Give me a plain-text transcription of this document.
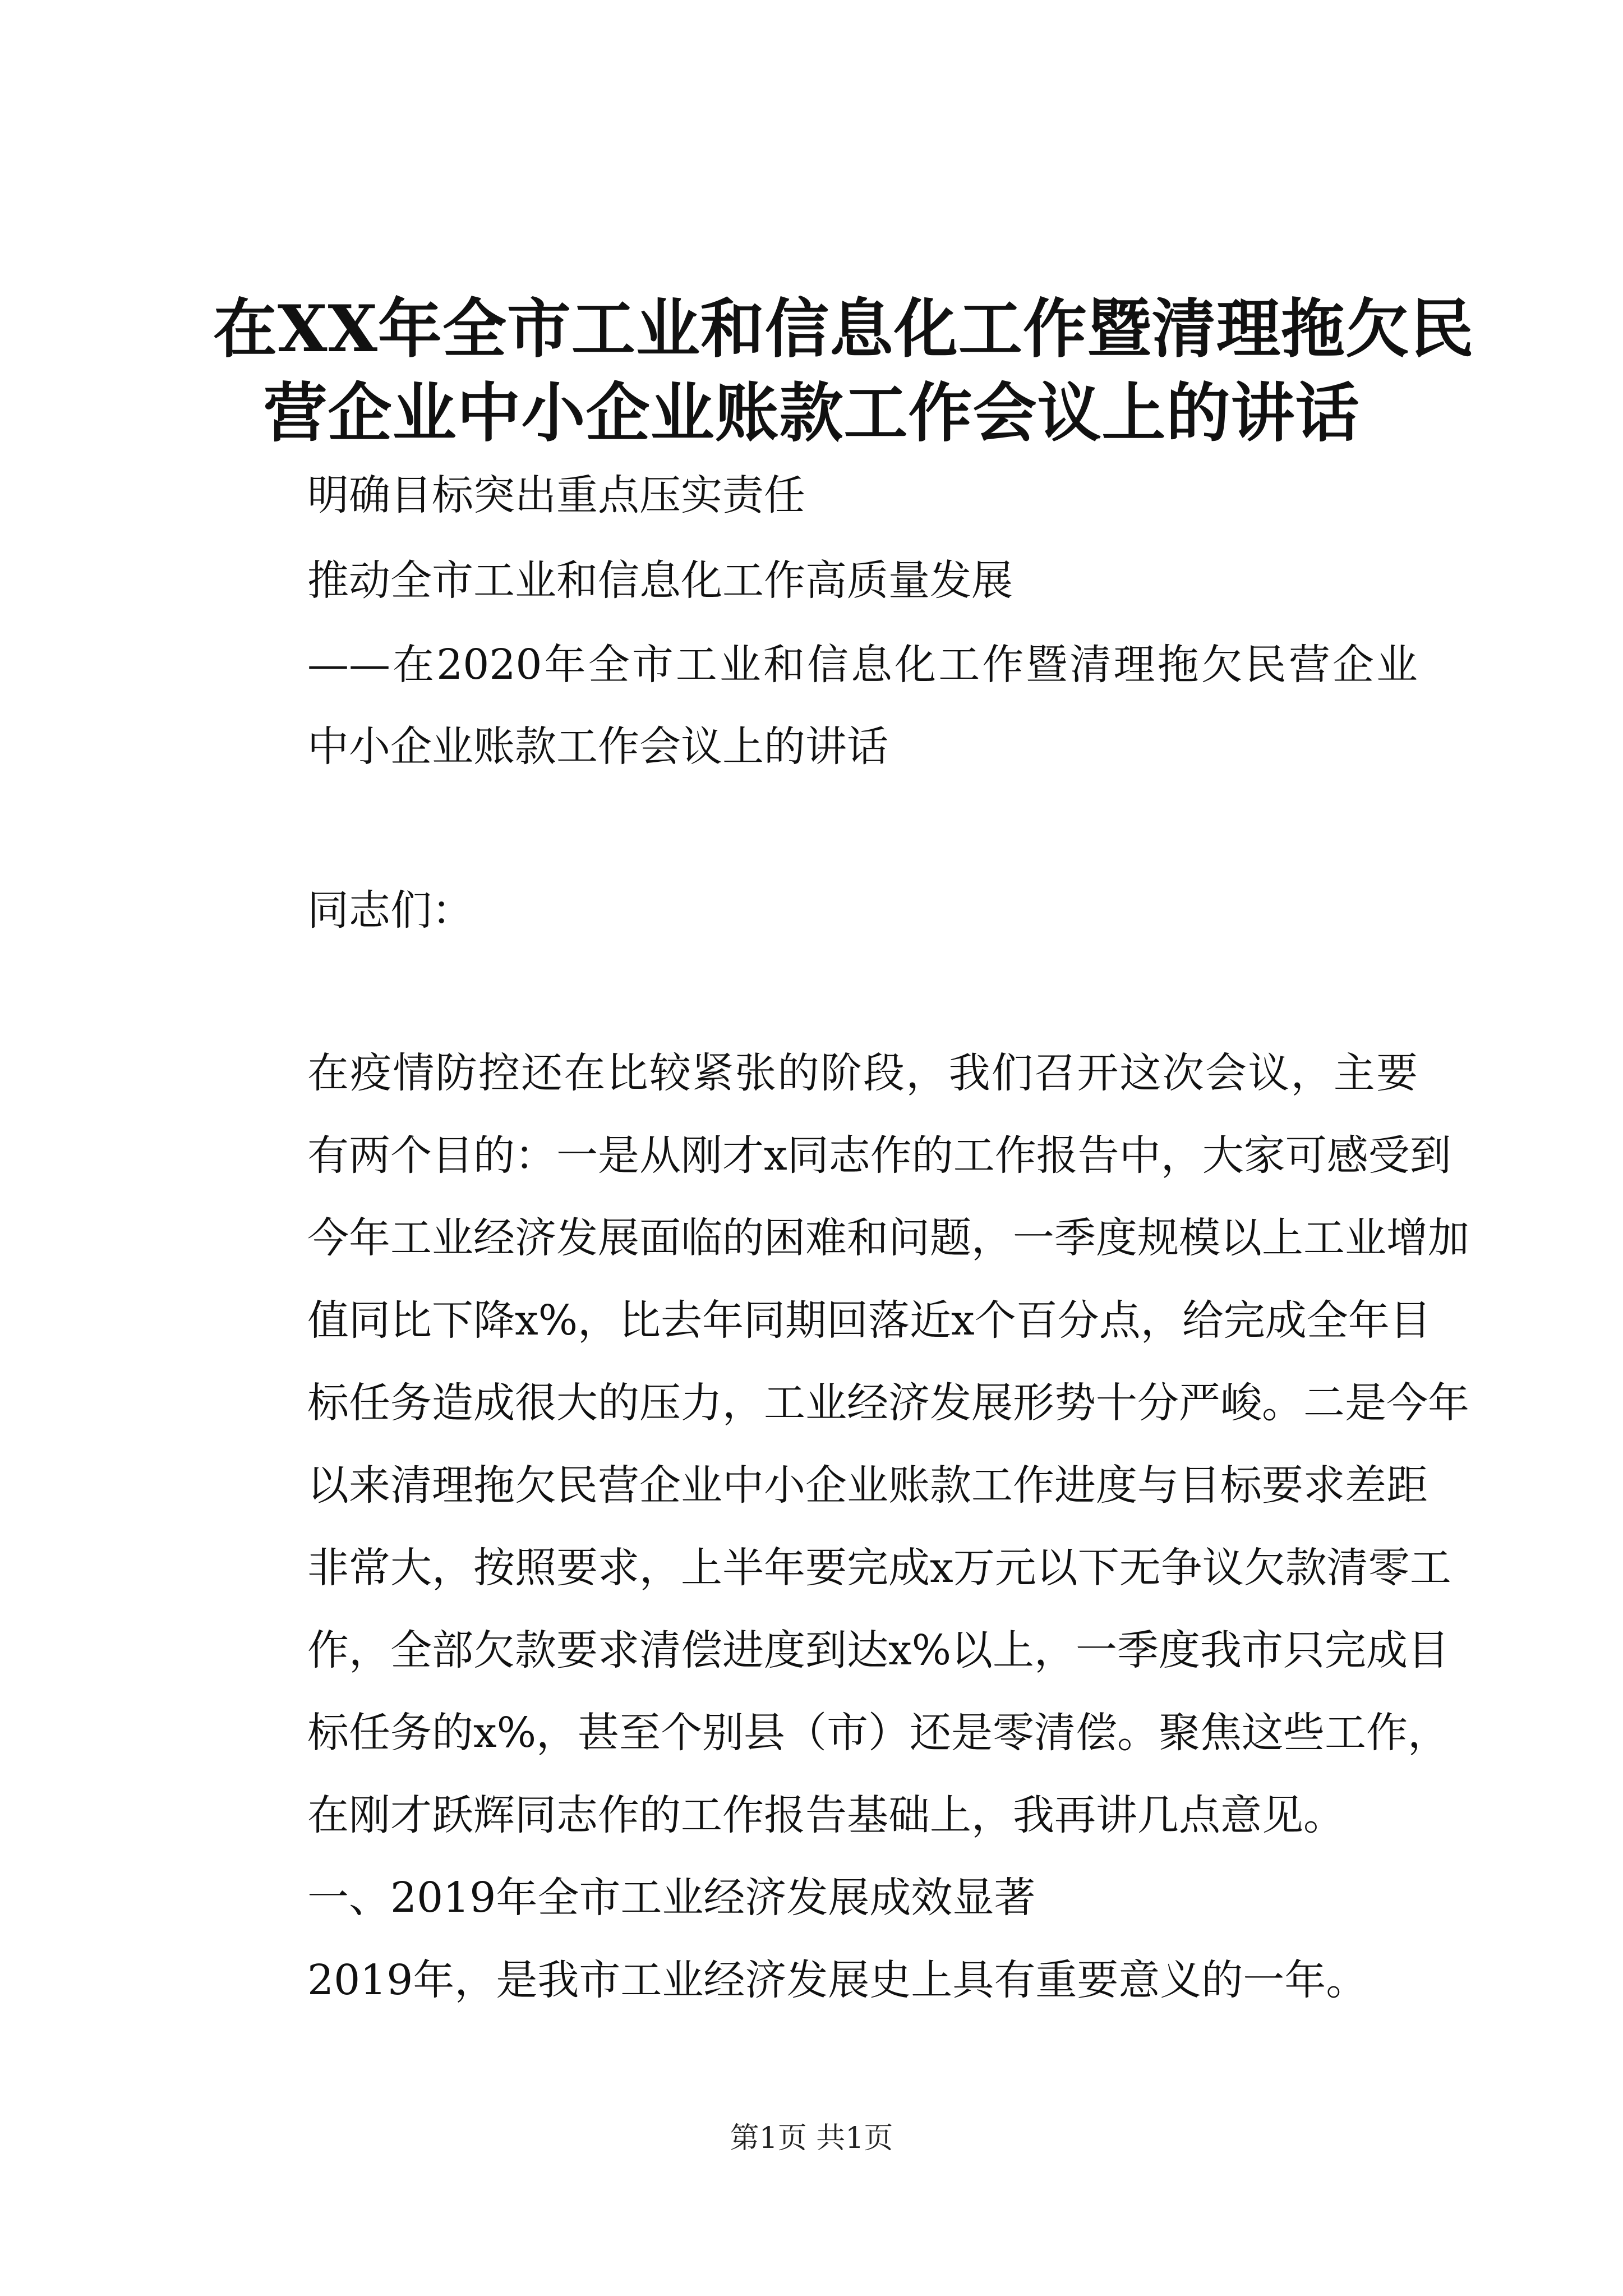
在XX年全市工业和信息化工作暨清理拖欠民
营企业中小企业账款工作会议上的讲话

明确目标突出重点压实责任

推动全市工业和信息化工作高质量发展

——在2020年全市工业和信息化工作暨清理拖欠民营企业

中小企业账款工作会议上的讲话

同志们：

在疫情防控还在比较紧张的阶段，我们召开这次会议，主要

有两个目的：一是从刚才x同志作的工作报告中，大家可感受到

今年工业经济发展面临的困难和问题，一季度规模以上工业增加

值同比下降x%，比去年同期回落近x个百分点，给完成全年目

标任务造成很大的压力，工业经济发展形势十分严峻。二是今年

以来清理拖欠民营企业中小企业账款工作进度与目标要求差距

非常大，按照要求，上半年要完成x万元以下无争议欠款清零工

作，全部欠款要求清偿进度到达x%以上，一季度我市只完成目

标任务的x%，甚至个别县（市）还是零清偿。聚焦这些工作，

在刚才跃辉同志作的工作报告基础上，我再讲几点意见。

一、2019年全市工业经济发展成效显著

2019年，是我市工业经济发展史上具有重要意义的一年。

第1页 共1页
